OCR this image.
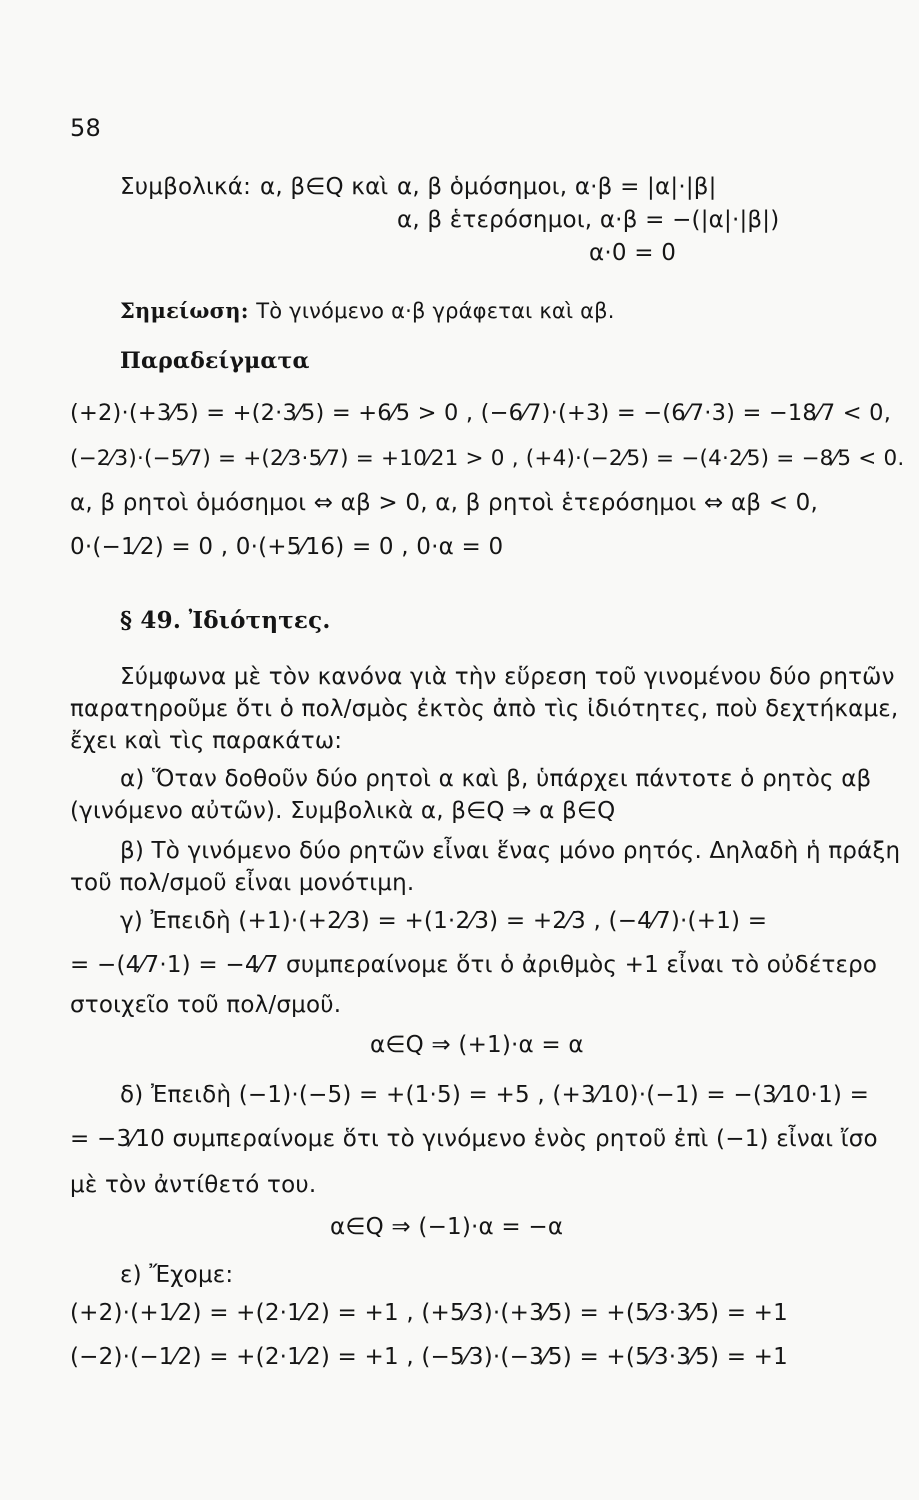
58
Συμβολικά: α, β∈Q καὶ α, β ὁμόσημοι, α·β = |α|·|β|
α, β ἑτερόσημοι, α·β = −(|α|·|β|)
α·0 = 0
Σημείωση: Τὸ γινόμενο α·β γράφεται καὶ αβ.
Παραδείγματα
(+2)·(+3⁄5) = +(2·3⁄5) = +6⁄5 > 0 , (−6⁄7)·(+3) = −(6⁄7·3) = −18⁄7 < 0,
(−2⁄3)·(−5⁄7) = +(2⁄3·5⁄7) = +10⁄21 > 0 , (+4)·(−2⁄5) = −(4·2⁄5) = −8⁄5 < 0.
α, β ρητοὶ ὁμόσημοι ⇔ αβ > 0, α, β ρητοὶ ἑτερόσημοι ⇔ αβ < 0,
0·(−1⁄2) = 0 , 0·(+5⁄16) = 0 , 0·α = 0
§ 49. Ἰδιότητες.
Σύμφωνα μὲ τὸν κανόνα γιὰ τὴν εὕρεση τοῦ γινομένου δύο ρητῶν
παρατηροῦμε ὅτι ὁ πολ/σμὸς ἐκτὸς ἀπὸ τὶς ἰδιότητες, ποὺ δεχτήκαμε,
ἔχει καὶ τὶς παρακάτω:
α) Ὅταν δοθοῦν δύο ρητοὶ α καὶ β, ὑπάρχει πάντοτε ὁ ρητὸς αβ
(γινόμενο αὐτῶν). Συμβολικὰ α, β∈Q ⇒ α β∈Q
β) Τὸ γινόμενο δύο ρητῶν εἶναι ἕνας μόνο ρητός. Δηλαδὴ ἡ πράξη
τοῦ πολ/σμοῦ εἶναι μονότιμη.
γ) Ἐπειδὴ (+1)·(+2⁄3) = +(1·2⁄3) = +2⁄3 , (−4⁄7)·(+1) =
= −(4⁄7·1) = −4⁄7 συμπεραίνομε ὅτι ὁ ἀριθμὸς +1 εἶναι τὸ οὐδέτερο
στοιχεῖο τοῦ πολ/σμοῦ.
α∈Q ⇒ (+1)·α = α
δ) Ἐπειδὴ (−1)·(−5) = +(1·5) = +5 , (+3⁄10)·(−1) = −(3⁄10·1) =
= −3⁄10 συμπεραίνομε ὅτι τὸ γινόμενο ἑνὸς ρητοῦ ἐπὶ (−1) εἶναι ἴσο
μὲ τὸν ἀντίθετό του.
α∈Q ⇒ (−1)·α = −α
ε) Ἔχομε:
(+2)·(+1⁄2) = +(2·1⁄2) = +1 , (+5⁄3)·(+3⁄5) = +(5⁄3·3⁄5) = +1
(−2)·(−1⁄2) = +(2·1⁄2) = +1 , (−5⁄3)·(−3⁄5) = +(5⁄3·3⁄5) = +1
